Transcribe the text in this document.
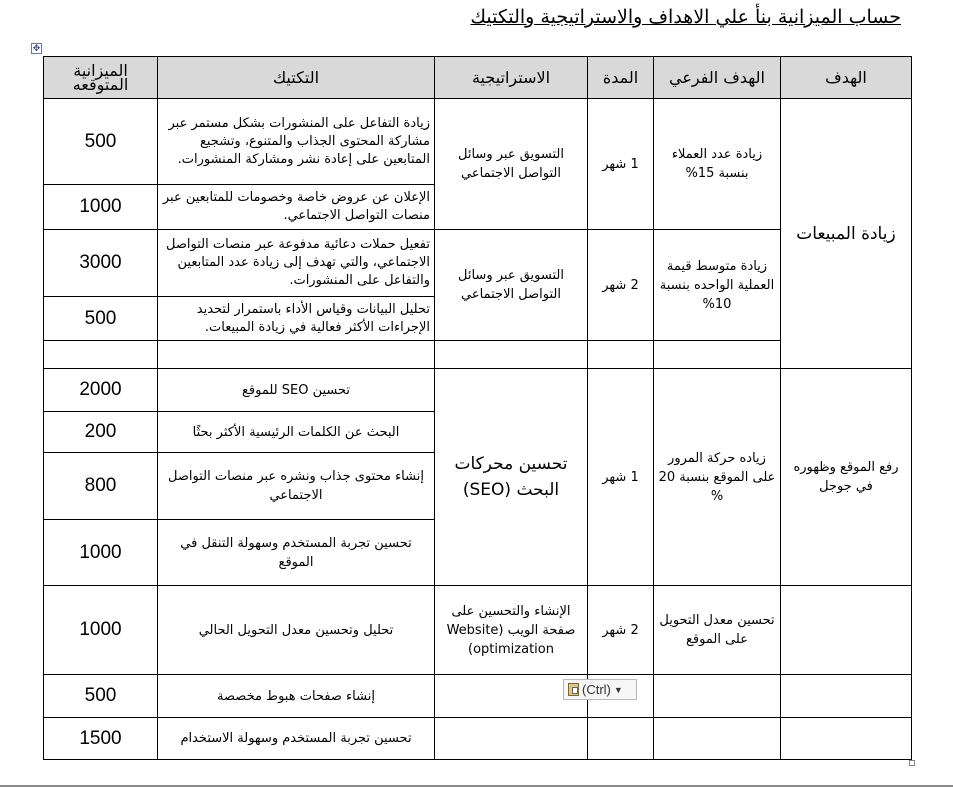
حساب الميزانية بنأ علي الاهداف والاستراتيجية والتكتيك
✥
الميزانية المتوقعه	التكتيك	الاستراتيجية	المدة	الهدف الفرعي	الهدف
500	زيادة التفاعل على المنشورات بشكل مستمر عبر مشاركة المحتوى الجذاب والمتنوع، وتشجيع المتابعين على إعادة نشر ومشاركة المنشورات.	التسويق عبر وسائل التواصل الاجتماعي	1 شهر	زيادة عدد العملاء بنسبة 15%	زيادة المبيعات
1000	الإعلان عن عروض خاصة وخصومات للمتابعين عبر منصات التواصل الاجتماعي.				
3000	تفعيل حملات دعائية مدفوعة عبر منصات التواصل الاجتماعي، والتي تهدف إلى زيادة عدد المتابعين والتفاعل على المنشورات.	التسويق عبر وسائل التواصل الاجتماعي	2 شهر	زيادة متوسط قيمة العملية الواحده بنسبة 10%	
500	تحليل البيانات وقياس الأداء باستمرار لتحديد الإجراءات الأكثر فعالية في زيادة المبيعات.				

2000	تحسين SEO للموقع	تحسين محركات البحث (SEO)	1 شهر	زياده حركة المرور على الموقع بنسبة 20 %	رفع الموقع وظهوره في جوجل
200	البحث عن الكلمات الرئيسية الأكثر بحثًا				
800	إنشاء محتوى جذاب ونشره عبر منصات التواصل الاجتماعي				
1000	تحسين تجربة المستخدم وسهولة التنقل في الموقع				
1000	تحليل وتحسين معدل التحويل الحالي	الإنشاء والتحسين على صفحة الويب (Website optimization)	2 شهر	تحسين معدل التحويل على الموقع	
500	إنشاء صفحات هبوط مخصصة				
1500	تحسين تجربة المستخدم وسهولة الاستخدام				
(Ctrl) ▼
